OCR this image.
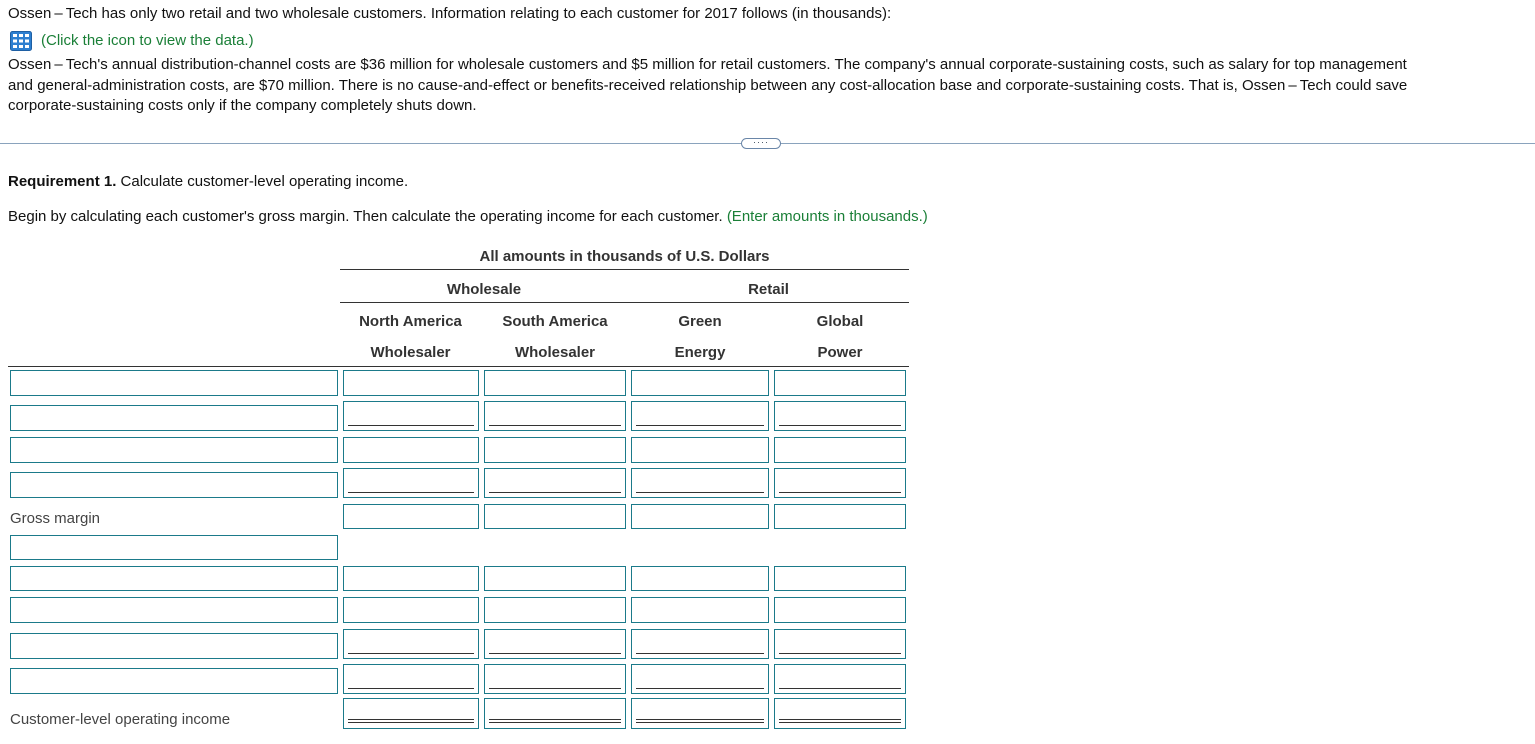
Ossen – Tech has only two retail and two wholesale customers. Information relating to each customer for 2017 follows (in thousands):

(Click the icon to view the data.)

Ossen – Tech's annual distribution-channel costs are $36 million for wholesale customers and $5 million for retail customers. The company's annual corporate-sustaining costs, such as salary for top management

and general-administration costs, are $70 million. There is no cause-and-effect or benefits-received relationship between any cost-allocation base and corporate-sustaining costs. That is, Ossen – Tech could save

corporate-sustaining costs only if the company completely shuts down.

····
Requirement 1. Calculate customer-level operating income.
Begin by calculating each customer's gross margin. Then calculate the operating income for each customer. (Enter amounts in thousands.)
All amounts in thousands of U.S. Dollars
Wholesale	Retail
North America
Wholesaler
South America
Wholesaler
Green
Energy
Global
Power
Gross margin
Customer-level operating income
